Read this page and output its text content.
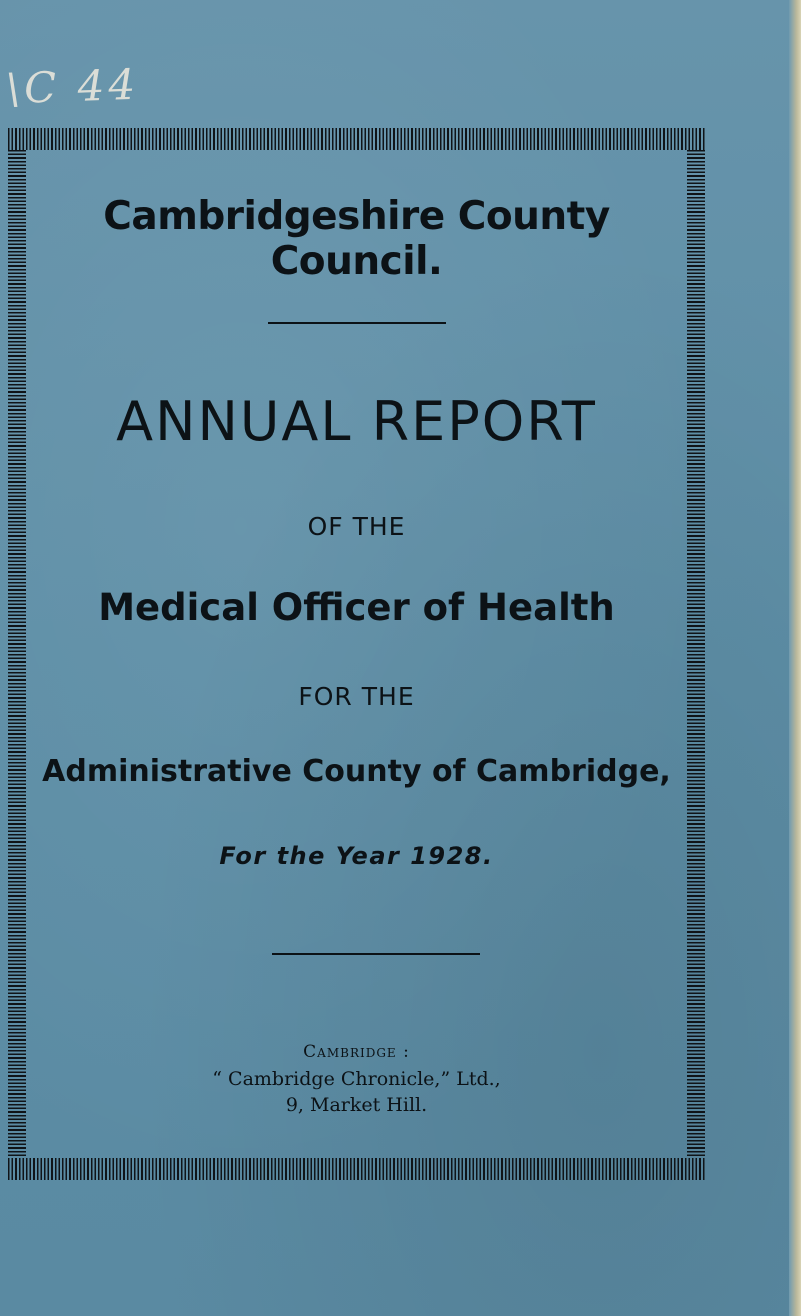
\C 44
Cambridgeshire County Council.
ANNUAL REPORT
OF THE
Medical Officer of Health
FOR THE
Administrative County of Cambridge,
For the Year 1928.
Cambridge :
“ Cambridge Chronicle,” Ltd.,
9, Market Hill.
